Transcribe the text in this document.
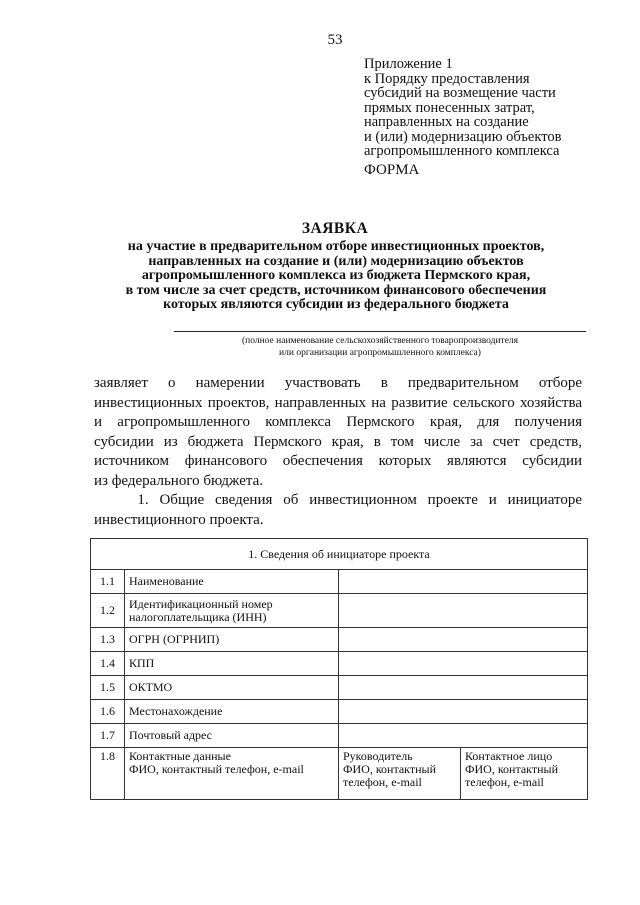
53
Приложение 1
к Порядку предоставления
субсидий на возмещение части
прямых понесенных затрат,
направленных на создание
и (или) модернизацию объектов
агропромышленного комплекса
ФОРМА
ЗАЯВКА
на участие в предварительном отборе инвестиционных проектов,
направленных на создание и (или) модернизацию объектов
агропромышленного комплекса из бюджета Пермского края,
в том числе за счет средств, источником финансового обеспечения
которых являются субсидии из федерального бюджета
(полное наименование сельскохозяйственного товаропроизводителя
или организации агропромышленного комплекса)

заявляет о намерении участвовать в предварительном отборе
инвестиционных проектов, направленных на развитие сельского хозяйства
и агропромышленного комплекса Пермского края, для получения
субсидии из бюджета Пермского края, в том числе за счет средств,
источником финансового обеспечения которых являются субсидии
из федерального бюджета.

1. Общие сведения об инвестиционном проекте и инициаторе
инвестиционного проекта.

1. Сведения об инициаторе проекта			
1.1	Наименование		
1.2	Идентификационный номер
налогоплательщика (ИНН)		

1.3	ОГРН (ОГРНИП)		
1.4	КПП		
1.5	ОКТМО		
1.6	Местонахождение		
1.7	Почтовый адрес		
1.8	Контактные данные
ФИО, контактный телефон, e-mail	Руководитель
ФИО, контактный
телефон, e-mail	Контактное лицо
ФИО, контактный
телефон, e-mail
